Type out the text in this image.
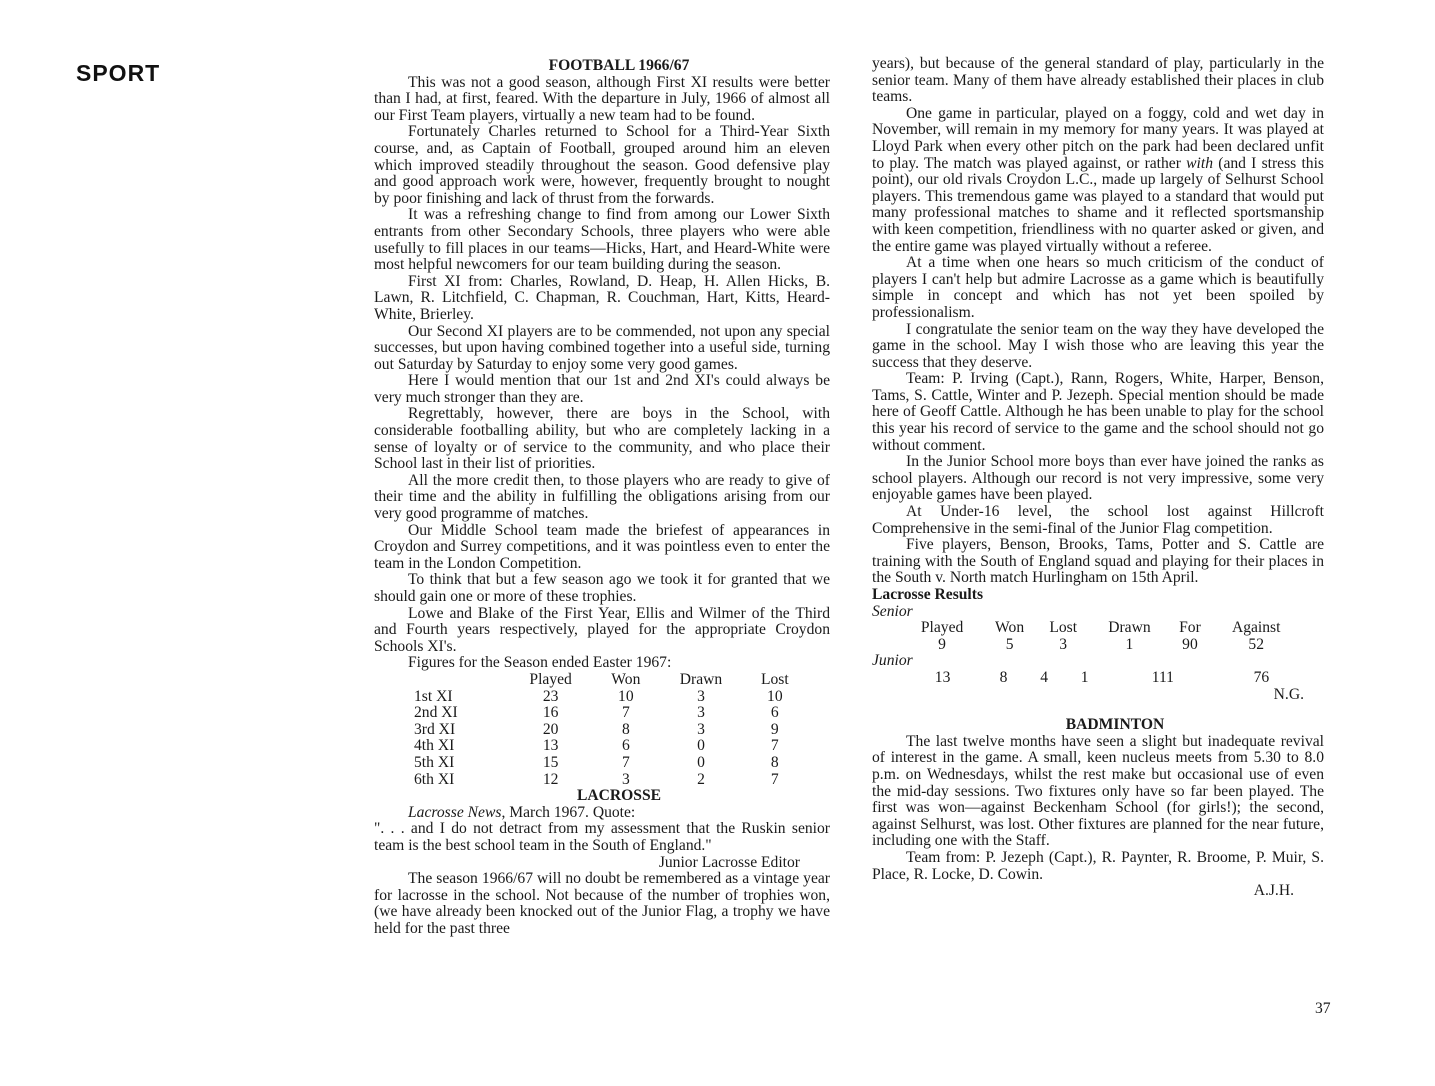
SPORT	FOOTBALL 1966/67

This was not a good season, although First XI results were better than I had, at first, feared. With the departure in July, 1966 of almost all our First Team players, virtually a new team had to be found.

Fortunately Charles returned to School for a Third-Year Sixth course, and, as Captain of Football, grouped around him an eleven which improved steadily throughout the season. Good defensive play and good approach work were, however, frequently brought to nought by poor finishing and lack of thrust from the forwards.

It was a refreshing change to find from among our Lower Sixth entrants from other Secondary Schools, three players who were able usefully to fill places in our teams—Hicks, Hart, and Heard-White were most helpful newcomers for our team building during the season.

First XI from: Charles, Rowland, D. Heap, H. Allen Hicks, B. Lawn, R. Litchfield, C. Chapman, R. Couchman, Hart, Kitts, Heard-White, Brierley.

Our Second XI players are to be commended, not upon any special successes, but upon having combined together into a useful side, turning out Saturday by Saturday to enjoy some very good games.

Here I would mention that our 1st and 2nd XI's could always be very much stronger than they are.

Regrettably, however, there are boys in the School, with considerable footballing ability, but who are completely lacking in a sense of loyalty or of service to the community, and who place their School last in their list of priorities.

All the more credit then, to those players who are ready to give of their time and the ability in fulfilling the obligations arising from our very good programme of matches.

Our Middle School team made the briefest of appearances in Croydon and Surrey competitions, and it was pointless even to enter the team in the London Competition.

To think that but a few season ago we took it for granted that we should gain one or more of these trophies.

Lowe and Blake of the First Year, Ellis and Wilmer of the Third and Fourth years respectively, played for the appropriate Croydon Schools XI's.

Figures for the Season ended Easter 1967:

	Played	Won	Drawn	Lost
1st XI	23	10	3	10
2nd XI	16	7	3	6
3rd XI	20	8	3	9
4th XI	13	6	0	7
5th XI	15	7	0	8
6th XI	12	3	2	7

LACROSSE

Lacrosse News, March 1967. Quote:

". . . and I do not detract from my assessment that the Ruskin senior team is the best school team in the South of England."

Junior Lacrosse Editor

The season 1966/67 will no doubt be remembered as a vintage year for lacrosse in the school. Not because of the number of trophies won, (we have already been knocked out of the Junior Flag, a trophy we have held for the past three

years), but because of the general standard of play, particularly in the senior team. Many of them have already established their places in club teams.

One game in particular, played on a foggy, cold and wet day in November, will remain in my memory for many years. It was played at Lloyd Park when every other pitch on the park had been declared unfit to play. The match was played against, or rather with (and I stress this point), our old rivals Croydon L.C., made up largely of Selhurst School players. This tremendous game was played to a standard that would put many professional matches to shame and it reflected sportsmanship with keen competition, friendliness with no quarter asked or given, and the entire game was played virtually without a referee.

At a time when one hears so much criticism of the conduct of players I can't help but admire Lacrosse as a game which is beautifully simple in concept and which has not yet been spoiled by professionalism.

I congratulate the senior team on the way they have developed the game in the school. May I wish those who are leaving this year the success that they deserve.

Team: P. Irving (Capt.), Rann, Rogers, White, Harper, Benson, Tams, S. Cattle, Winter and P. Jezeph. Special mention should be made here of Geoff Cattle. Although he has been unable to play for the school this year his record of service to the game and the school should not go without comment.

In the Junior School more boys than ever have joined the ranks as school players. Although our record is not very impressive, some very enjoyable games have been played.

At Under-16 level, the school lost against Hillcroft Comprehensive in the semi-final of the Junior Flag competition.

Five players, Benson, Brooks, Tams, Potter and S. Cattle are training with the South of England squad and playing for their places in the South v. North match Hurlingham on 15th April.

Lacrosse Results

Senior

Played	Won	Lost	Drawn	For	Against
9	5	3	1	90	52

Junior

13	8	4	1	111	76

N.G.

BADMINTON

The last twelve months have seen a slight but inadequate revival of interest in the game. A small, keen nucleus meets from 5.30 to 8.0 p.m. on Wednesdays, whilst the rest make but occasional use of even the mid-day sessions. Two fixtures only have so far been played. The first was won—against Beckenham School (for girls!); the second, against Selhurst, was lost. Other fixtures are planned for the near future, including one with the Staff.

Team from: P. Jezeph (Capt.), R. Paynter, R. Broome, P. Muir, S. Place, R. Locke, D. Cowin.

A.J.H.

37
